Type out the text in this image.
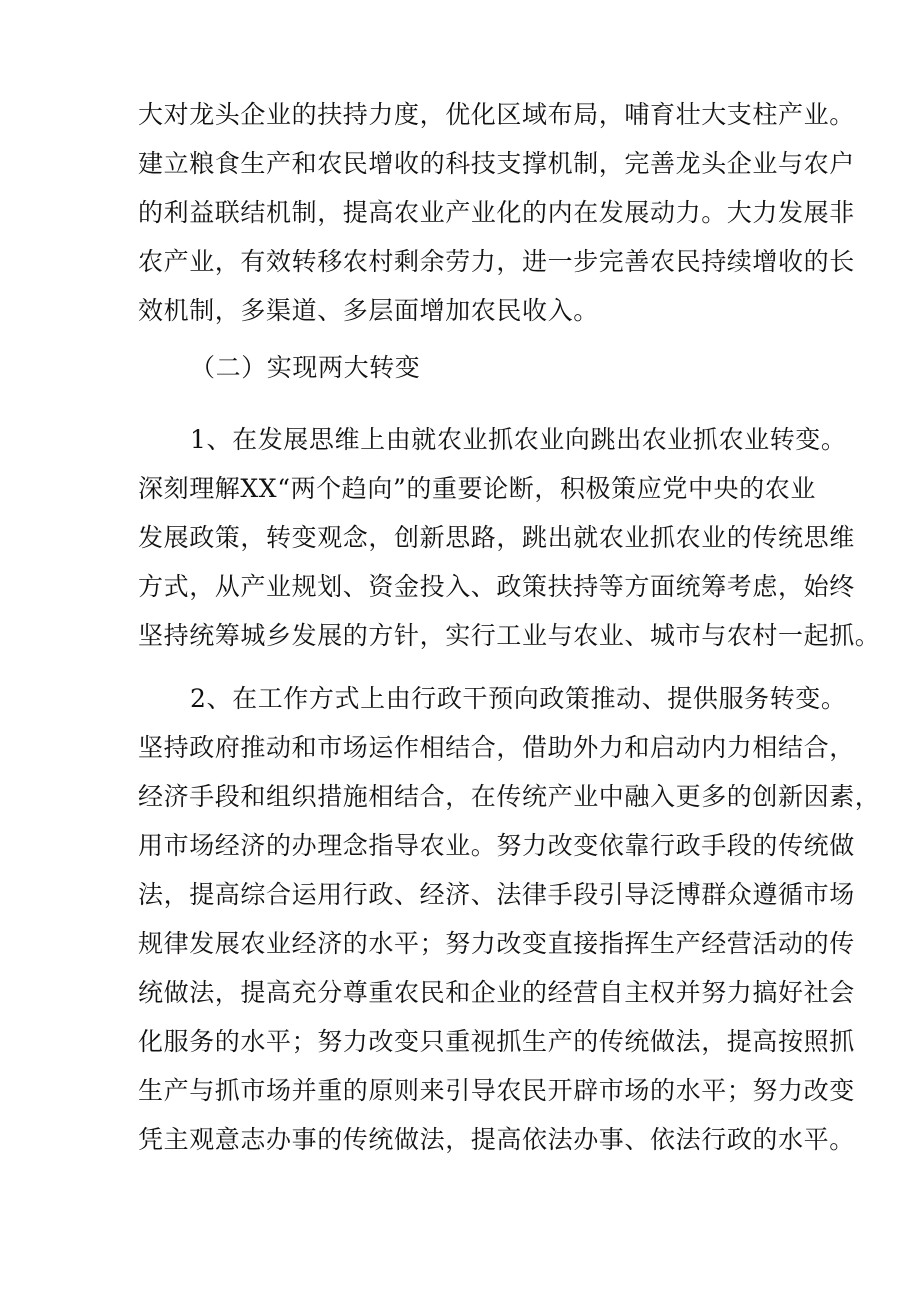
大对龙头企业的扶持力度，优化区域布局，哺育壮大支柱产业。
建立粮食生产和农民增收的科技支撑机制，完善龙头企业与农户
的利益联结机制，提高农业产业化的内在发展动力。大力发展非
农产业，有效转移农村剩余劳力，进一步完善农民持续增收的长
效机制，多渠道、多层面增加农民收入。
（二）实现两大转变
1、在发展思维上由就农业抓农业向跳出农业抓农业转变。
深刻理解XX“两个趋向”的重要论断，积极策应党中央的农业
发展政策，转变观念，创新思路，跳出就农业抓农业的传统思维
方式，从产业规划、资金投入、政策扶持等方面统筹考虑，始终
坚持统筹城乡发展的方针，实行工业与农业、城市与农村一起抓。
2、在工作方式上由行政干预向政策推动、提供服务转变。
坚持政府推动和市场运作相结合，借助外力和启动内力相结合，
经济手段和组织措施相结合，在传统产业中融入更多的创新因素，
用市场经济的办理念指导农业。努力改变依靠行政手段的传统做
法，提高综合运用行政、经济、法律手段引导泛博群众遵循市场
规律发展农业经济的水平；努力改变直接指挥生产经营活动的传
统做法，提高充分尊重农民和企业的经营自主权并努力搞好社会
化服务的水平；努力改变只重视抓生产的传统做法，提高按照抓
生产与抓市场并重的原则来引导农民开辟市场的水平；努力改变
凭主观意志办事的传统做法，提高依法办事、依法行政的水平。
